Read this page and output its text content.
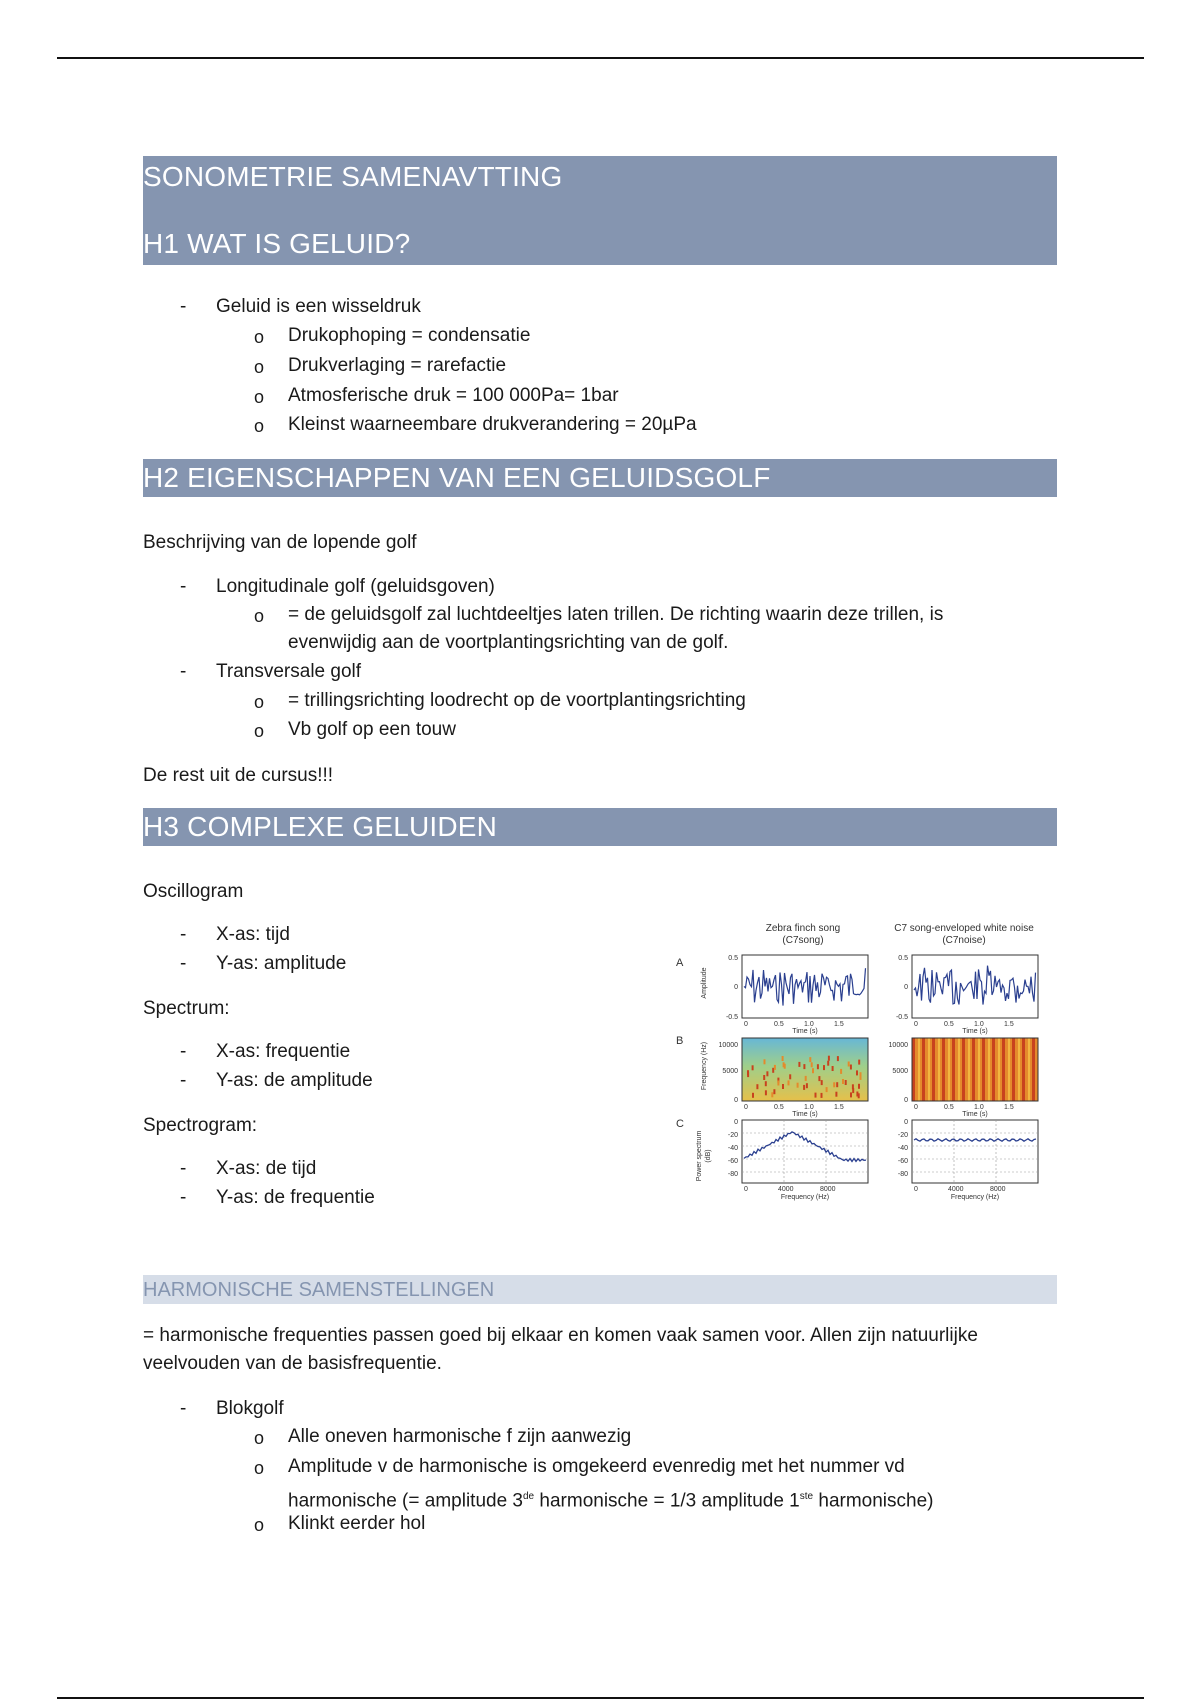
SONOMETRIE SAMENAVTTING
H1 WAT IS GELUID?
- Geluid is een wisseldruk
o Drukophoping = condensatie
o Drukverlaging = rarefactie
o Atmosferische druk = 100 000Pa= 1bar
o Kleinst waarneembare drukverandering = 20µPa
H2 EIGENSCHAPPEN VAN EEN GELUIDSGOLF
Beschrijving van de lopende golf
- Longitudinale golf (geluidsgoven)
o = de geluidsgolf zal luchtdeeltjes laten trillen. De richting waarin deze trillen, is
evenwijdig aan de voortplantingsrichting van de golf.
- Transversale golf
o = trillingsrichting loodrecht op de voortplantingsrichting
o Vb golf op een touw
De rest uit de cursus!!!
H3 COMPLEXE GELUIDEN
Oscillogram
- X-as: tijd
- Y-as: amplitude
Spectrum:
- X-as: frequentie
- Y-as: de amplitude
Spectrogram:
- X-as: de tijd
- Y-as: de frequentie
Zebra finch song
(C7song)
C7 song-enveloped white noise
(C7noise)
A
B
C
Amplitude
Frequency (Hz)
Power spectrum (dB)
0.5
0
-0.5
0.5
0
-0.5
0	0.5	1.0	1.5
Time (s)
0	0.5	1.0	1.5
Time (s)
10000
5000
0
10000
5000
0
0	0.5	1.0	1.5
Time (s)
0	0.5	1.0	1.5
Time (s)
0
-20
-40
-60
-80
0
-20
-40
-60
-80
0	4000	8000
Frequency (Hz)
0	4000	8000
Frequency (Hz)
HARMONISCHE SAMENSTELLINGEN
= harmonische frequenties passen goed bij elkaar en komen vaak samen voor. Allen zijn natuurlijke
veelvouden van de basisfrequentie.
- Blokgolf
o Alle oneven harmonische f zijn aanwezig
o Amplitude v de harmonische is omgekeerd evenredig met het nummer vd
harmonische (= amplitude 3de harmonische = 1/3 amplitude 1ste harmonische)
o Klinkt eerder hol
